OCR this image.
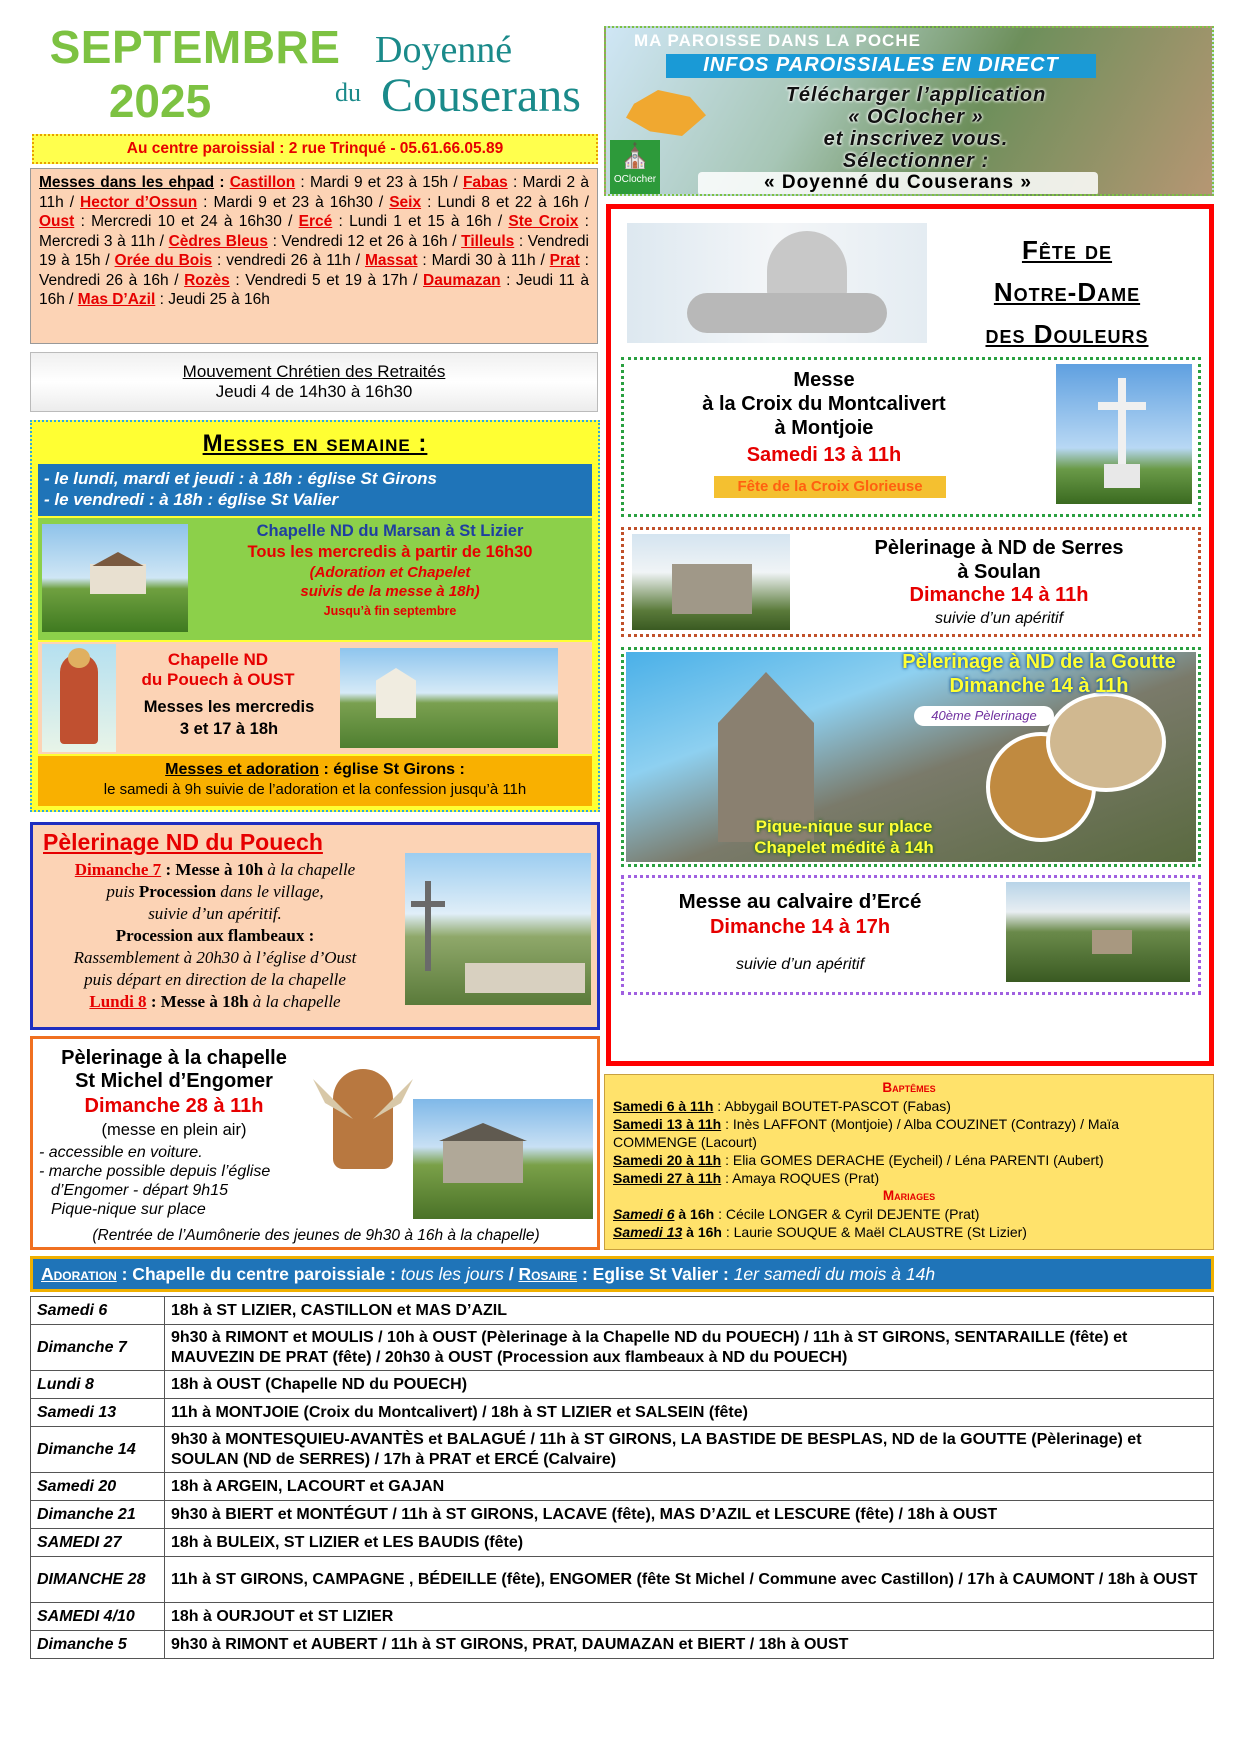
SEPTEMBRE
2025
Doyenné
du Couserans
MA PAROISSE DANS LA POCHE
INFOS PAROISSIALES EN DIRECT
Télécharger l’application
« OClocher »
et inscrivez vous.
Sélectionner :
« Doyenné du Couserans »
⛪
OClocher
Au centre paroissial : 2 rue Trinqué - 05.61.66.05.89
Messes dans les ehpad : Castillon : Mardi 9 et 23 à 15h / Fabas : Mardi 2 à 11h / Hector d’Ossun : Mardi 9 et 23 à 16h30 / Seix : Lundi 8 et 22 à 16h / Oust : Mercredi 10 et 24 à 16h30 / Ercé : Lundi 1 et 15 à 16h / Ste Croix : Mercredi 3 à 11h / Cèdres Bleus : Vendredi 12 et 26 à 16h / Tilleuls : Vendredi 19 à 15h / Orée du Bois : vendredi 26 à 11h / Massat : Mardi 30 à 11h / Prat : Vendredi 26 à 16h / Rozès : Vendredi 5 et 19 à 17h / Daumazan : Jeudi 11 à 16h / Mas D’Azil : Jeudi 25 à 16h
Mouvement Chrétien des Retraités
Jeudi 4 de 14h30 à 16h30
Messes en semaine :
- le lundi, mardi et jeudi : à 18h : église St Girons
- le vendredi : à 18h : église St Valier
Chapelle ND du Marsan à St Lizier
Tous les mercredis à partir de 16h30
(Adoration et Chapelet
suivis de la messe à 18h)
Jusqu’à fin septembre
Chapelle ND
du Pouech à OUST
Messes les mercredis
3 et 17 à 18h
Messes et adoration : église St Girons :
le samedi à 9h suivie de l’adoration et la confession jusqu’à 11h
Pèlerinage ND du Pouech
Dimanche 7 : Messe à 10h à la chapelle
puis Procession dans le village,
suivie d’un apéritif.
Procession aux flambeaux :
Rassemblement à 20h30 à l’église d’Oust
puis départ en direction de la chapelle
Lundi 8 : Messe à 18h à la chapelle
Pèlerinage à la chapelle
St Michel d’Engomer
Dimanche 28 à 11h
(messe en plein air)
- accessible en voiture.
- marche possible depuis l’église
d’Engomer - départ 9h15
Pique-nique sur place
(Rentrée de l’Aumônerie des jeunes de 9h30 à 16h à la chapelle)
Fête de
Notre-Dame
des Douleurs
Messe
à la Croix du Montcalivert
à Montjoie
Samedi 13 à 11h
Fête de la Croix Glorieuse
Pèlerinage à ND de Serres
à Soulan
Dimanche 14 à 11h
suivie d’un apéritif
Pèlerinage à ND de la Goutte
Dimanche 14 à 11h
40ème Pèlerinage
Pique-nique sur place
Chapelet médité à 14h
Messe au calvaire d’Ercé
Dimanche 14 à 17h
suivie d’un apéritif
Baptêmes
Samedi 6 à 11h : Abbygail BOUTET-PASCOT (Fabas)
Samedi 13 à 11h : Inès LAFFONT (Montjoie) / Alba COUZINET (Contrazy) / Maïa COMMENGE (Lacourt)
Samedi 20 à 11h : Elia GOMES DERACHE (Eycheil) / Léna PARENTI (Aubert)
Samedi 27 à 11h : Amaya ROQUES (Prat)
Mariages
Samedi 6 à 16h : Cécile LONGER & Cyril DEJENTE (Prat)
Samedi 13 à 16h : Laurie SOUQUE & Maël CLAUSTRE (St Lizier)
Adoration : Chapelle du centre paroissiale : tous les jours / Rosaire : Eglise St Valier : 1er samedi du mois à 14h
Samedi 6	18h à ST LIZIER, CASTILLON et MAS D’AZIL
Dimanche 7	9h30 à RIMONT et MOULIS / 10h à OUST (Pèlerinage à la Chapelle ND du POUECH) / 11h à ST GIRONS, SENTARAILLE (fête) et MAUVEZIN DE PRAT (fête) / 20h30 à OUST (Procession aux flambeaux à ND du POUECH)
Lundi 8	18h à OUST (Chapelle ND du POUECH)
Samedi 13	11h à MONTJOIE (Croix du Montcalivert) / 18h à ST LIZIER et SALSEIN (fête)
Dimanche 14	9h30 à MONTESQUIEU-AVANTÈS et BALAGUÉ / 11h à ST GIRONS, LA BASTIDE DE BESPLAS, ND de la GOUTTE (Pèlerinage) et SOULAN (ND de SERRES) / 17h à PRAT et ERCÉ (Calvaire)
Samedi 20	18h à ARGEIN, LACOURT et GAJAN
Dimanche 21	9h30 à BIERT et MONTÉGUT / 11h à ST GIRONS, LACAVE (fête), MAS D’AZIL et LESCURE (fête) / 18h à OUST
SAMEDI 27	18h à BULEIX, ST LIZIER et LES BAUDIS (fête)
DIMANCHE 28	11h à ST GIRONS, CAMPAGNE , BÉDEILLE (fête), ENGOMER (fête St Michel / Commune avec Castillon) / 17h à CAUMONT / 18h à OUST
SAMEDI 4/10	18h à OURJOUT et ST LIZIER
Dimanche 5	9h30 à RIMONT et AUBERT / 11h à ST GIRONS, PRAT, DAUMAZAN et BIERT / 18h à OUST
